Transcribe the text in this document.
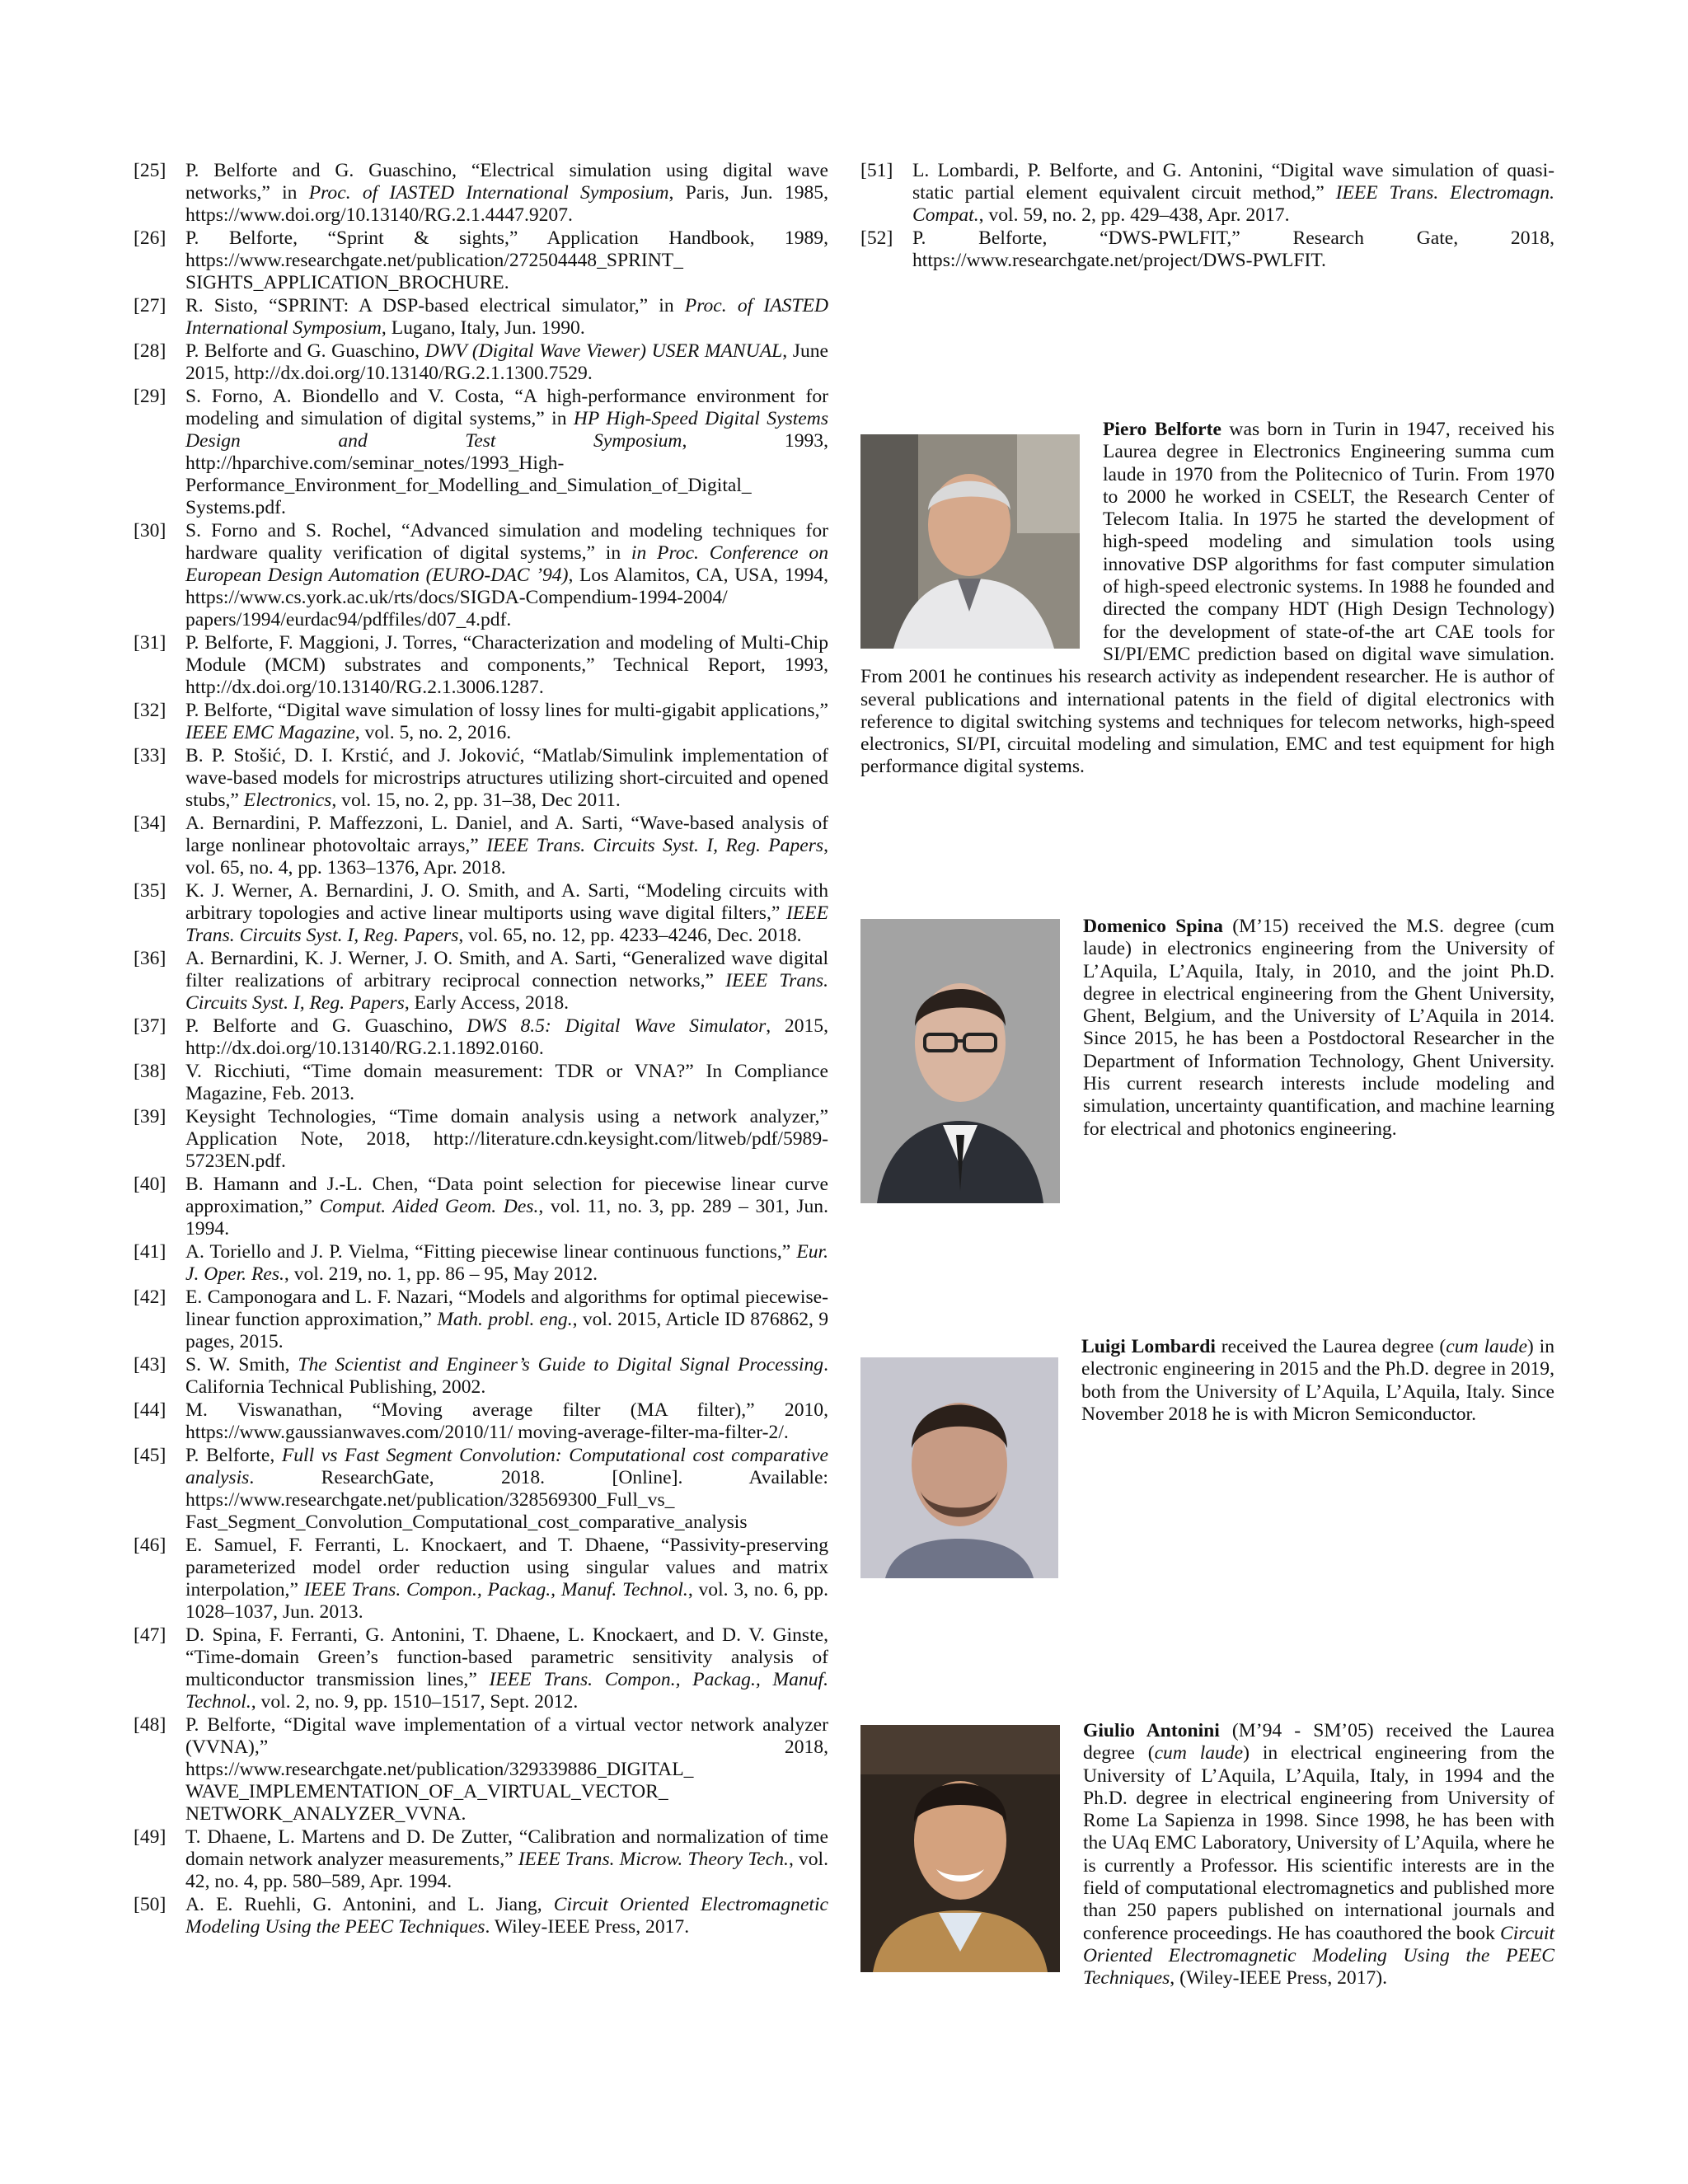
[25]	P. Belforte and G. Guaschino, “Electrical simulation using digital wave networks,” in Proc. of IASTED International Symposium, Paris, Jun. 1985, https://www.doi.org/10.13140/RG.2.1.4447.9207.
[26]	P. Belforte, “Sprint & sights,” Application Handbook, 1989, https://www.researchgate.net/publication/272504448_SPRINT_ SIGHTS_APPLICATION_BROCHURE.
[27]	R. Sisto, “SPRINT: A DSP-based electrical simulator,” in Proc. of IASTED International Symposium, Lugano, Italy, Jun. 1990.
[28]	P. Belforte and G. Guaschino, DWV (Digital Wave Viewer) USER MANUAL, June 2015, http://dx.doi.org/10.13140/RG.2.1.1300.7529.
[29]	S. Forno, A. Biondello and V. Costa, “A high-performance environment for modeling and simulation of digital systems,” in HP High-Speed Digital Systems Design and Test Symposium, 1993, http://hparchive.com/seminar_notes/1993_High-Performance_Environment_for_Modelling_and_Simulation_of_Digital_ Systems.pdf.
[30]	S. Forno and S. Rochel, “Advanced simulation and modeling techniques for hardware quality verification of digital systems,” in in Proc. Conference on European Design Automation (EURO-DAC ’94), Los Alamitos, CA, USA, 1994, https://www.cs.york.ac.uk/rts/docs/SIGDA-Compendium-1994-2004/ papers/1994/eurdac94/pdffiles/d07_4.pdf.
[31]	P. Belforte, F. Maggioni, J. Torres, “Characterization and modeling of Multi-Chip Module (MCM) substrates and components,” Technical Report, 1993, http://dx.doi.org/10.13140/RG.2.1.3006.1287.
[32]	P. Belforte, “Digital wave simulation of lossy lines for multi-gigabit applications,” IEEE EMC Magazine, vol. 5, no. 2, 2016.
[33]	B. P. Stošić, D. I. Krstić, and J. Joković, “Matlab/Simulink implementation of wave-based models for microstrips atructures utilizing short-circuited and opened stubs,” Electronics, vol. 15, no. 2, pp. 31–38, Dec 2011.
[34]	A. Bernardini, P. Maffezzoni, L. Daniel, and A. Sarti, “Wave-based analysis of large nonlinear photovoltaic arrays,” IEEE Trans. Circuits Syst. I, Reg. Papers, vol. 65, no. 4, pp. 1363–1376, Apr. 2018.
[35]	K. J. Werner, A. Bernardini, J. O. Smith, and A. Sarti, “Modeling circuits with arbitrary topologies and active linear multiports using wave digital filters,” IEEE Trans. Circuits Syst. I, Reg. Papers, vol. 65, no. 12, pp. 4233–4246, Dec. 2018.
[36]	A. Bernardini, K. J. Werner, J. O. Smith, and A. Sarti, “Generalized wave digital filter realizations of arbitrary reciprocal connection networks,” IEEE Trans. Circuits Syst. I, Reg. Papers, Early Access, 2018.
[37]	P. Belforte and G. Guaschino, DWS 8.5: Digital Wave Simulator, 2015, http://dx.doi.org/10.13140/RG.2.1.1892.0160.
[38]	V. Ricchiuti, “Time domain measurement: TDR or VNA?” In Compliance Magazine, Feb. 2013.
[39]	Keysight Technologies, “Time domain analysis using a network analyzer,” Application Note, 2018, http://literature.cdn.keysight.com/litweb/pdf/5989-5723EN.pdf.
[40]	B. Hamann and J.-L. Chen, “Data point selection for piecewise linear curve approximation,” Comput. Aided Geom. Des., vol. 11, no. 3, pp. 289 – 301, Jun. 1994.
[41]	A. Toriello and J. P. Vielma, “Fitting piecewise linear continuous functions,” Eur. J. Oper. Res., vol. 219, no. 1, pp. 86 – 95, May 2012.
[42]	E. Camponogara and L. F. Nazari, “Models and algorithms for optimal piecewise-linear function approximation,” Math. probl. eng., vol. 2015, Article ID 876862, 9 pages, 2015.
[43]	S. W. Smith, The Scientist and Engineer’s Guide to Digital Signal Processing. California Technical Publishing, 2002.
[44]	M. Viswanathan, “Moving average filter (MA filter),” 2010, https://www.gaussianwaves.com/2010/11/ moving-average-filter-ma-filter-2/.
[45]	P. Belforte, Full vs Fast Segment Convolution: Computational cost comparative analysis. ResearchGate, 2018. [Online]. Available: https://www.researchgate.net/publication/328569300_Full_vs_ Fast_Segment_Convolution_Computational_cost_comparative_analysis
[46]	E. Samuel, F. Ferranti, L. Knockaert, and T. Dhaene, “Passivity-preserving parameterized model order reduction using singular values and matrix interpolation,” IEEE Trans. Compon., Packag., Manuf. Technol., vol. 3, no. 6, pp. 1028–1037, Jun. 2013.
[47]	D. Spina, F. Ferranti, G. Antonini, T. Dhaene, L. Knockaert, and D. V. Ginste, “Time-domain Green’s function-based parametric sensitivity analysis of multiconductor transmission lines,” IEEE Trans. Compon., Packag., Manuf. Technol., vol. 2, no. 9, pp. 1510–1517, Sept. 2012.
[48]	P. Belforte, “Digital wave implementation of a virtual vector network analyzer (VVNA),” 2018, https://www.researchgate.net/publication/329339886_DIGITAL_ WAVE_IMPLEMENTATION_OF_A_VIRTUAL_VECTOR_ NETWORK_ANALYZER_VVNA.
[49]	T. Dhaene, L. Martens and D. De Zutter, “Calibration and normalization of time domain network analyzer measurements,” IEEE Trans. Microw. Theory Tech., vol. 42, no. 4, pp. 580–589, Apr. 1994.
[50]	A. E. Ruehli, G. Antonini, and L. Jiang, Circuit Oriented Electromagnetic Modeling Using the PEEC Techniques. Wiley-IEEE Press, 2017.
[51]	L. Lombardi, P. Belforte, and G. Antonini, “Digital wave simulation of quasi-static partial element equivalent circuit method,” IEEE Trans. Electromagn. Compat., vol. 59, no. 2, pp. 429–438, Apr. 2017.
[52]	P. Belforte, “DWS-PWLFIT,” Research Gate, 2018, https://www.researchgate.net/project/DWS-PWLFIT.
Piero Belforte was born in Turin in 1947, received his Laurea degree in Electronics Engineering summa cum laude in 1970 from the Politecnico of Turin. From 1970 to 2000 he worked in CSELT, the Research Center of Telecom Italia. In 1975 he started the development of high-speed modeling and simulation tools using innovative DSP algorithms for fast computer simulation of high-speed electronic systems. In 1988 he founded and directed the company HDT (High Design Technology) for the development of state-of-the art CAE tools for SI/PI/EMC prediction based on digital wave simulation. From 2001 he continues his research activity as independent researcher. He is author of several publications and international patents in the field of digital electronics with reference to digital switching systems and techniques for telecom networks, high-speed electronics, SI/PI, circuital modeling and simulation, EMC and test equipment for high performance digital systems.
Domenico Spina (M’15) received the M.S. degree (cum laude) in electronics engineering from the University of L’Aquila, L’Aquila, Italy, in 2010, and the joint Ph.D. degree in electrical engineering from the Ghent University, Ghent, Belgium, and the University of L’Aquila in 2014. Since 2015, he has been a Postdoctoral Researcher in the Department of Information Technology, Ghent University. His current research interests include modeling and simulation, uncertainty quantification, and machine learning for electrical and photonics engineering.
Luigi Lombardi received the Laurea degree (cum laude) in electronic engineering in 2015 and the Ph.D. degree in 2019, both from the University of L’Aquila, L’Aquila, Italy. Since November 2018 he is with Micron Semiconductor.
Giulio Antonini (M’94 - SM’05) received the Laurea degree (cum laude) in electrical engineering from the University of L’Aquila, L’Aquila, Italy, in 1994 and the Ph.D. degree in electrical engineering from University of Rome La Sapienza in 1998. Since 1998, he has been with the UAq EMC Laboratory, University of L’Aquila, where he is currently a Professor. His scientific interests are in the field of computational electromagnetics and published more than 250 papers published on international journals and conference proceedings. He has coauthored the book Circuit Oriented Electromagnetic Modeling Using the PEEC Techniques, (Wiley-IEEE Press, 2017).
